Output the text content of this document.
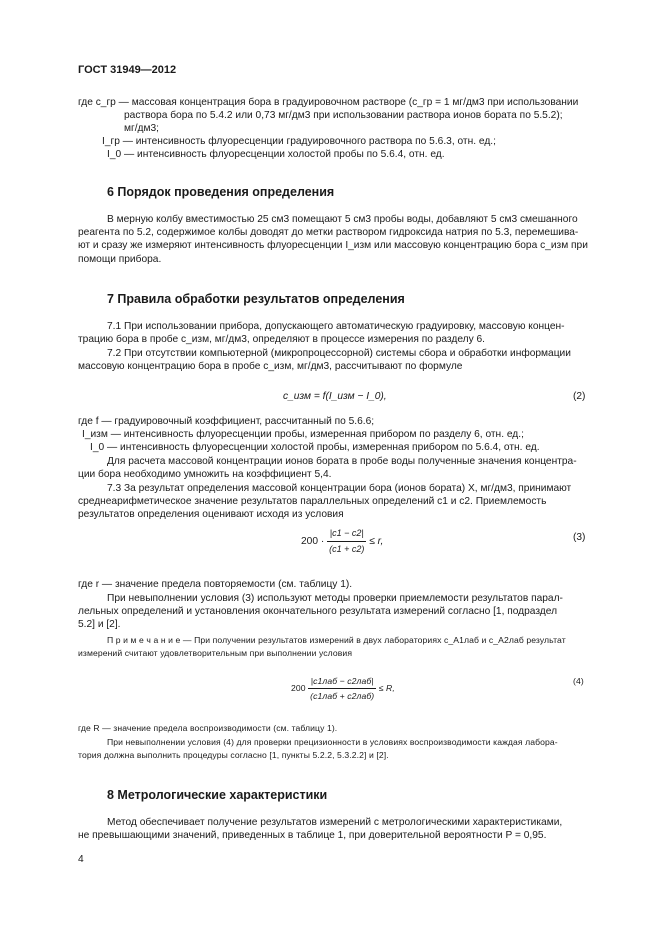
ГОСТ 31949—2012
где c_гр — массовая концентрация бора в градуировочном растворе (c_гр = 1 мг/дм3 при использовании
раствора бора по 5.4.2 или 0,73 мг/дм3 при использовании раствора ионов бората по 5.5.2);
мг/дм3;
I_гр — интенсивность флуоресценции градуировочного раствора по 5.6.3, отн. ед.;
I_0 — интенсивность флуоресценции холостой пробы по 5.6.4, отн. ед.
6 Порядок проведения определения
В мерную колбу вместимостью 25 см3 помещают 5 см3 пробы воды, добавляют 5 см3 смешанного
реагента по 5.2, содержимое колбы доводят до метки раствором гидроксида натрия по 5.3, перемешива-
ют и сразу же измеряют интенсивность флуоресценции I_изм или массовую концентрацию бора c_изм при
помощи прибора.
7 Правила обработки результатов определения
7.1 При использовании прибора, допускающего автоматическую градуировку, массовую концен-
трацию бора в пробе c_изм, мг/дм3, определяют в процессе измерения по разделу 6.
7.2 При отсутствии компьютерной (микропроцессорной) системы сбора и обработки информации
массовую концентрацию бора в пробе c_изм, мг/дм3, рассчитывают по формуле
c_изм = f(I_изм − I_0),	(2)
где f — градуировочный коэффициент, рассчитанный по 5.6.6;
I_изм — интенсивность флуоресценции пробы, измеренная прибором по разделу 6, отн. ед.;
I_0 — интенсивность флуоресценции холостой пробы, измеренная прибором по 5.6.4, отн. ед.
Для расчета массовой концентрации ионов бората в пробе воды полученные значения концентра-
ции бора необходимо умножить на коэффициент 5,4.
7.3 За результат определения массовой концентрации бора (ионов бората) X, мг/дм3, принимают
среднеарифметическое значение результатов параллельных определений c1 и c2. Приемлемость
результатов определения оценивают исходя из условия
$200 \cdot \frac{|c1 - c2|}{(c1 + c2)} \le r$,	(3)
где r — значение предела повторяемости (см. таблицу 1).
При невыполнении условия (3) используют методы проверки приемлемости результатов парал-
лельных определений и установления окончательного результата измерений согласно [1, подраздел
5.2] и [2].
П р и м е ч а н и е — При получении результатов измерений в двух лабораториях c_А1лаб и c_А2лаб результат
измерений считают удовлетворительным при выполнении условия
$200 \frac{\text{|c1лаб − c2лаб|}}{\text{(c1лаб + c2лаб)}} \le R$,
(4)
где R — значение предела воспроизводимости (см. таблицу 1).
При невыполнении условия (4) для проверки прецизионности в условиях воспроизводимости каждая лабора-
тория должна выполнить процедуры согласно [1, пункты 5.2.2, 5.3.2.2] и [2].
8 Метрологические характеристики
Метод обеспечивает получение результатов измерений с метрологическими характеристиками,
не превышающими значений, приведенных в таблице 1, при доверительной вероятности P = 0,95.
4
